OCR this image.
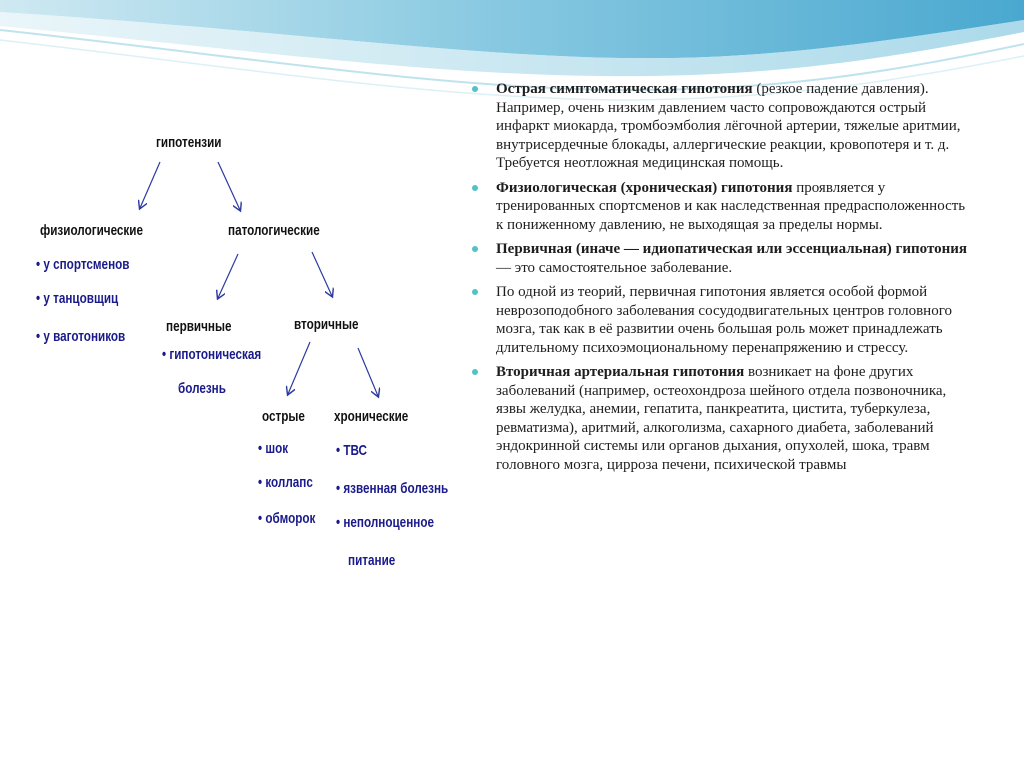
гипотензии
физиологические
• у спортсменов
• у танцовщиц
• у ваготоников
патологические
первичные
• гипотоническая
болезнь
вторичные
острые
• шок
• коллапс
• обморок
хронические
• ТВС
• язвенная болезнь
• неполноценное
питание
Острая симптоматическая гипотония (резкое падение давления). Например, очень низким давлением часто сопровождаются острый инфаркт миокарда, тромбоэмболия лёгочной артерии, тяжелые аритмии, внутрисердечные блокады, аллергические реакции, кровопотеря и т. д. Требуется неотложная медицинская помощь.
Физиологическая (хроническая) гипотония проявляется у тренированных спортсменов и как наследственная предрасположенность к пониженному давлению, не выходящая за пределы нормы.
Первичная (иначе — идиопатическая или эссенциальная) гипотония — это самостоятельное заболевание.
По одной из теорий, первичная гипотония является особой формой неврозоподобного заболевания сосудодвигательных центров головного мозга, так как в её развитии очень большая роль может принадлежать длительному психоэмоциональному перенапряжению и стрессу.
Вторичная артериальная гипотония возникает на фоне других заболеваний (например, остеохондроза шейного отдела позвоночника, язвы желудка, анемии, гепатита, панкреатита, цистита, туберкулеза, ревматизма), аритмий, алкоголизма, сахарного диабета, заболеваний эндокринной системы или органов дыхания, опухолей, шока, травм головного мозга, цирроза печени, психической травмы
